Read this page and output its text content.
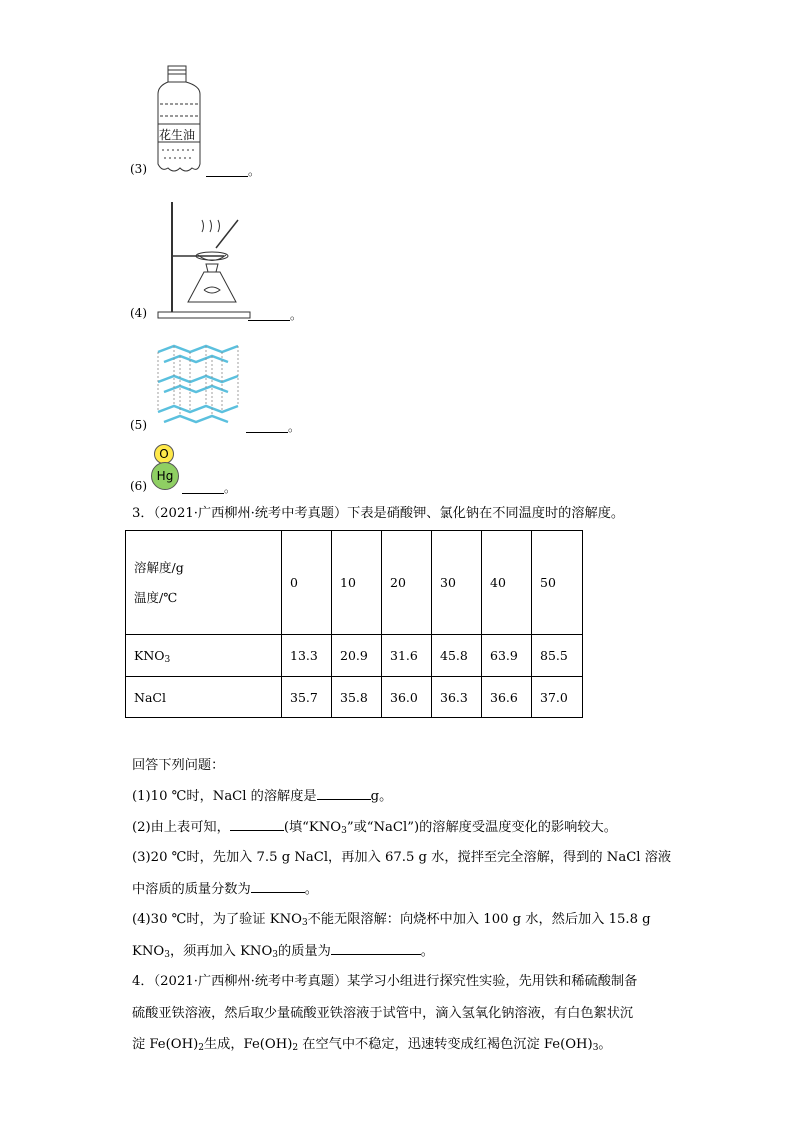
花生油
(3)	。
(4)	。
(5)	。
O
Hg
(6)	。
3．（2021·广西柳州·统考中考真题）下表是硝酸钾、氯化钠在不同温度时的溶解度。
溶解度/g
温度/℃	0	10	20	30	40	50
$KNO_3$	13.3	20.9	31.6	45.8	63.9	85.5
NaCl	35.7	35.8	36.0	36.3	36.6	37.0
回答下列问题：
(1)10 ℃时，NaCl 的溶解度是	g。
(2)由上表可知，	(填“$KNO_3$”或“NaCl”)的溶解度受温度变化的影响较大。
(3)20 ℃时，先加入 7.5 g NaCl，再加入 67.5 g 水，搅拌至完全溶解，得到的 NaCl 溶液
中溶质的质量分数为	。
(4)30 ℃时，为了验证 $KNO_3$不能无限溶解：向烧杯中加入 100 g 水，然后加入 15.8 g
$KNO_3$，须再加入 $KNO_3$的质量为	。
4．（2021·广西柳州·统考中考真题）某学习小组进行探究性实验，先用铁和稀硫酸制备
硫酸亚铁溶液，然后取少量硫酸亚铁溶液于试管中，滴入氢氧化钠溶液，有白色絮状沉
淀 $Fe(OH)_2$生成，$Fe(OH)_2$ 在空气中不稳定，迅速转变成红褐色沉淀 $Fe(OH)_3$。
